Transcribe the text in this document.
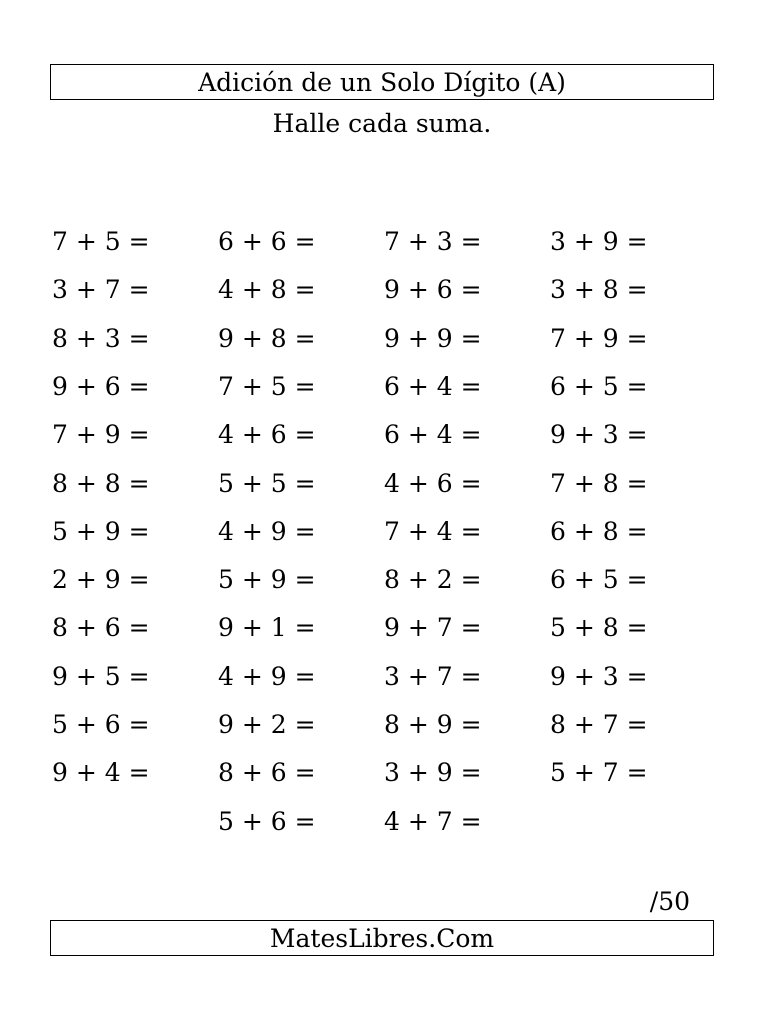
Adición de un Solo Dígito (A)
Halle cada suma.
7 + 5 =
3 + 7 =
8 + 3 =
9 + 6 =
7 + 9 =
8 + 8 =
5 + 9 =
2 + 9 =
8 + 6 =
9 + 5 =
5 + 6 =
9 + 4 =
6 + 6 =
4 + 8 =
9 + 8 =
7 + 5 =
4 + 6 =
5 + 5 =
4 + 9 =
5 + 9 =
9 + 1 =
4 + 9 =
9 + 2 =
8 + 6 =
5 + 6 =
7 + 3 =
9 + 6 =
9 + 9 =
6 + 4 =
6 + 4 =
4 + 6 =
7 + 4 =
8 + 2 =
9 + 7 =
3 + 7 =
8 + 9 =
3 + 9 =
4 + 7 =
3 + 9 =
3 + 8 =
7 + 9 =
6 + 5 =
9 + 3 =
7 + 8 =
6 + 8 =
6 + 5 =
5 + 8 =
9 + 3 =
8 + 7 =
5 + 7 =
/50
MatesLibres.Com
